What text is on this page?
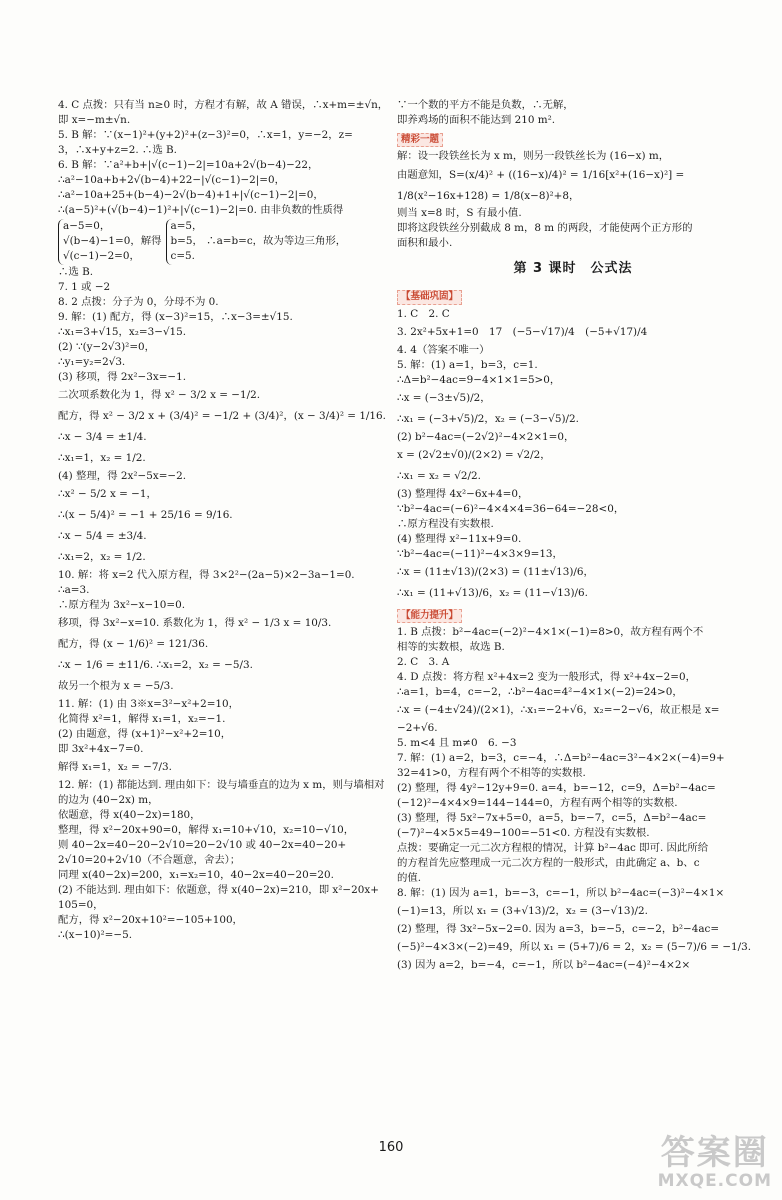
4. C 点拨：只有当 n≥0 时，方程才有解，故 A 错误，∴x+m=±√n，
即 x=−m±√n.
5. B 解：∵(x−1)²+(y+2)²+(z−3)²=0，∴x=1，y=−2，z=
3，∴x+y+z=2. ∴选 B.
6. B 解：∵a²+b+|√(c−1)−2|=10a+2√(b−4)−22，
∴a²−10a+b+2√(b−4)+22−|√(c−1)−2|=0，
∴a²−10a+25+(b−4)−2√(b−4)+1+|√(c−1)−2|=0，
∴(a−5)²+(√(b−4)−1)²+|√(c−1)−2|=0. 由非负数的性质得
a−5=0，
√(b−4)−1=0，解得
√(c−1)−2=0，
a=5，
b=5， ∴a=b=c，故为等边三角形，
c=5.
∴选 B.
7. 1 或 −2
8. 2 点拨：分子为 0，分母不为 0.
9. 解：(1) 配方，得 (x−3)²=15，∴x−3=±√15.
∴x₁=3+√15，x₂=3−√15.
(2) ∵(y−2√3)²=0，
∴y₁=y₂=2√3.
(3) 移项，得 2x²−3x=−1.
二次项系数化为 1，得 x² − 3/2 x = −1/2.
配方，得 x² − 3/2 x + (3/4)² = −1/2 + (3/4)²，(x − 3/4)² = 1/16.
∴x − 3/4 = ±1/4.
∴x₁=1，x₂ = 1/2.
(4) 整理，得 2x²−5x=−2.
∴x² − 5/2 x = −1，
∴(x − 5/4)² = −1 + 25/16 = 9/16.
∴x − 5/4 = ±3/4.
∴x₁=2，x₂ = 1/2.
10. 解：将 x=2 代入原方程，得 3×2²−(2a−5)×2−3a−1=0.
∴a=3.
∴原方程为 3x²−x−10=0.
移项，得 3x²−x=10. 系数化为 1，得 x² − 1/3 x = 10/3.
配方，得 (x − 1/6)² = 121/36.
∴x − 1/6 = ±11/6. ∴x₁=2，x₂ = −5/3.
故另一个根为 x = −5/3.
11. 解：(1) 由 3※x=3²−x²+2=10，
化简得 x²=1，解得 x₁=1，x₂=−1.
(2) 由题意，得 (x+1)²−x²+2=10，
即 3x²+4x−7=0.
解得 x₁=1，x₂ = −7/3.
12. 解：(1) 都能达到. 理由如下：设与墙垂直的边为 x m，则与墙相对
的边为 (40−2x) m，
依题意，得 x(40−2x)=180，
整理，得 x²−20x+90=0，解得 x₁=10+√10，x₂=10−√10，
则 40−2x=40−20−2√10=20−2√10 或 40−2x=40−20+
2√10=20+2√10（不合题意，舍去）；
同理 x(40−2x)=200，x₁=x₂=10，40−2x=40−20=20.
(2) 不能达到. 理由如下：依题意，得 x(40−2x)=210，即 x²−20x+
105=0，
配方，得 x²−20x+10²=−105+100，
∴(x−10)²=−5.
∵一个数的平方不能是负数，∴无解，
即养鸡场的面积不能达到 210 m².
精彩一题
解：设一段铁丝长为 x m，则另一段铁丝长为 (16−x) m，
由题意知，S=(x/4)² + ((16−x)/4)² = 1/16[x²+(16−x)²] =
1/8(x²−16x+128) = 1/8(x−8)²+8，
则当 x=8 时，S 有最小值.
即将这段铁丝分别截成 8 m，8 m 的两段，才能使两个正方形的
面积和最小.
第 3 课时　公式法
【基础巩固】
1. C　2. C
3. 2x²+5x+1=0　17　(−5−√17)/4　(−5+√17)/4
4. 4（答案不唯一）
5. 解：(1) a=1，b=3，c=1.
∴Δ=b²−4ac=9−4×1×1=5>0，
∴x = (−3±√5)/2，
∴x₁ = (−3+√5)/2，x₂ = (−3−√5)/2.
(2) b²−4ac=(−2√2)²−4×2×1=0，
x = (2√2±√0)/(2×2) = √2/2，
∴x₁ = x₂ = √2/2.
(3) 整理得 4x²−6x+4=0，
∵b²−4ac=(−6)²−4×4×4=36−64=−28<0，
∴原方程没有实数根.
(4) 整理得 x²−11x+9=0.
∵b²−4ac=(−11)²−4×3×9=13，
∴x = (11±√13)/(2×3) = (11±√13)/6，
∴x₁ = (11+√13)/6，x₂ = (11−√13)/6.
【能力提升】
1. B 点拨：b²−4ac=(−2)²−4×1×(−1)=8>0，故方程有两个不
相等的实数根，故选 B.
2. C　3. A
4. D 点拨：将方程 x²+4x=2 变为一般形式，得 x²+4x−2=0，
∴a=1，b=4，c=−2，∴b²−4ac=4²−4×1×(−2)=24>0，
∴x = (−4±√24)/(2×1)，∴x₁=−2+√6，x₂=−2−√6，故正根是 x=
−2+√6.
5. m<4 且 m≠0　6. −3
7. 解：(1) a=2，b=3，c=−4，∴Δ=b²−4ac=3²−4×2×(−4)=9+
32=41>0，方程有两个不相等的实数根.
(2) 整理，得 4y²−12y+9=0. a=4，b=−12，c=9，Δ=b²−4ac=
(−12)²−4×4×9=144−144=0，方程有两个相等的实数根.
(3) 整理，得 5x²−7x+5=0，a=5，b=−7，c=5，Δ=b²−4ac=
(−7)²−4×5×5=49−100=−51<0. 方程没有实数根.
点拨：要确定一元二次方程根的情况，计算 b²−4ac 即可. 因此所给
的方程首先应整理成一元二次方程的一般形式，由此确定 a、b、c
的值.
8. 解：(1) 因为 a=1，b=−3，c=−1，所以 b²−4ac=(−3)²−4×1×
(−1)=13，所以 x₁ = (3+√13)/2，x₂ = (3−√13)/2.
(2) 整理，得 3x²−5x−2=0. 因为 a=3，b=−5，c=−2，b²−4ac=
(−5)²−4×3×(−2)=49，所以 x₁ = (5+7)/6 = 2，x₂ = (5−7)/6 = −1/3.
(3) 因为 a=2，b=−4，c=−1，所以 b²−4ac=(−4)²−4×2×
160	答案圈
MXQE.COM
